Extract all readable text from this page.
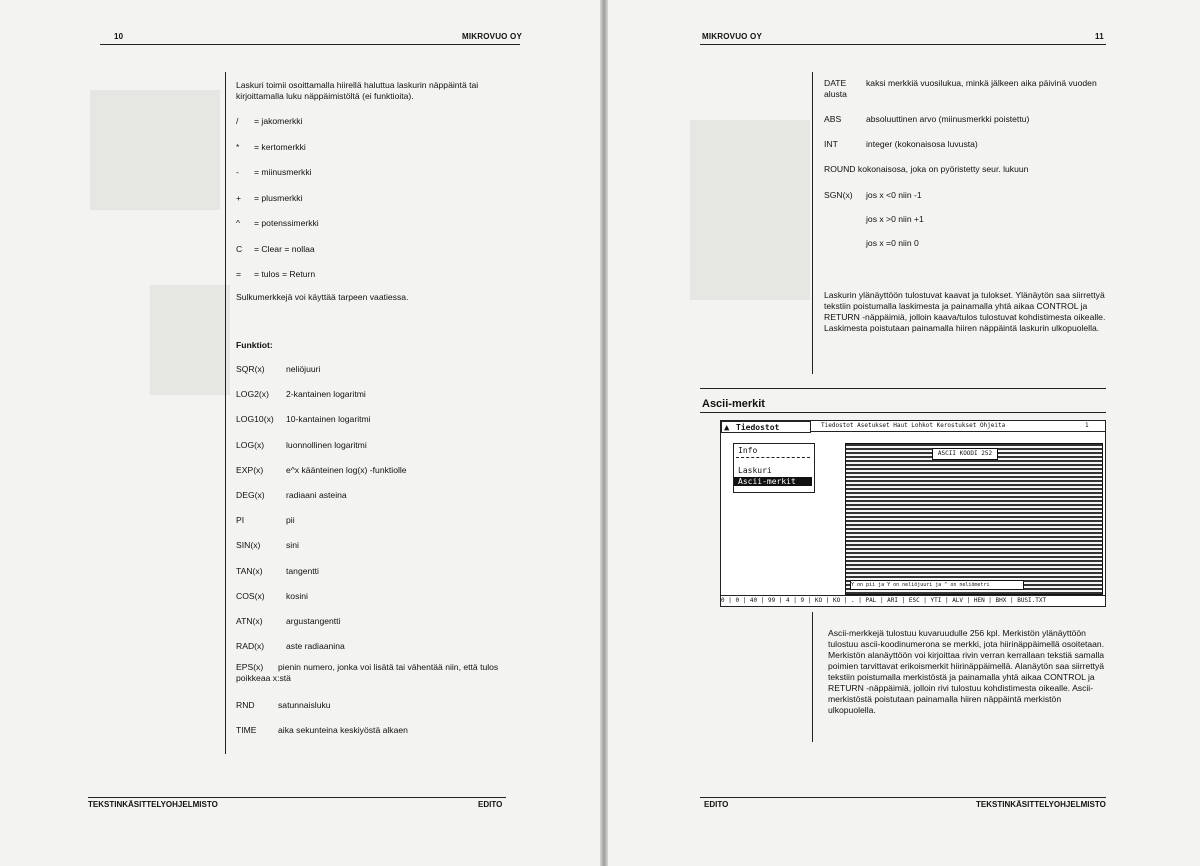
10	MIKROVUO OY
Laskuri toimii osoittamalla hiirellä haluttua laskurin näppäintä tai kirjoittamalla luku näppäimistöltä (ei funktioita).
/ = jakomerkki
* = kertomerkki
- = miinusmerkki
+ = plusmerkki
^ = potenssimerkki
C = Clear = nollaa
= = tulos = Return
Sulkumerkkejä voi käyttää tarpeen vaatiessa.
Funktiot:
SQR(x) neliöjuuri
LOG2(x) 2-kantainen logaritmi
LOG10(x) 10-kantainen logaritmi
LOG(x)	luonnollinen logaritmi
EXP(x)	e^x käänteinen log(x) -funktiolle
DEG(x) radiaani asteina
PI	pii
SIN(x)	sini
TAN(x)	tangentti
COS(x) kosini
ATN(x)	argustangentti
RAD(x)	aste radiaanina
EPS(x)	pienin numero, jonka voi lisätä tai vähentää niin, että tulos poikkeaa x:stä
RND	satunnaisluku
TIME aika sekunteina keskiyöstä alkaen
TEKSTINKÄSITTELYOHJELMISTO	EDITO
MIKROVUO OY	11
DATE	kaksi merkkiä vuosilukua, minkä jälkeen aika päivinä vuoden alusta
ABS	absoluuttinen arvo (miinusmerkki poistettu)
INT	integer (kokonaisosa luvusta)
ROUND kokonaisosa, joka on pyöristetty seur. lukuun
SGN(x)	jos x <0 niin -1
jos x >0 niin +1
jos x =0 niin 0
Laskurin ylänäyttöön tulostuvat kaavat ja tulokset. Ylänäytön saa siirrettyä tekstiin poistumalla laskimesta ja painamalla yhtä aikaa CONTROL ja RETURN -näppäimiä, jolloin kaava/tulos tulostuvat kohdistimesta oikealle. Laskimesta poistutaan painamalla hiiren näppäintä laskurin ulkopuolella.
Ascii-merkit
Tiedostot Asetukset Haut Lohkot Kerostukset Ohjeita	1
▲ Tiedostot
Info
Laskuri
Ascii-merkit
ASCII KOODI 252
Y on pii ja Y on neliöjuuri ja ^ on neliömetri
0 | 0 | 40 | 99 | 4 | 9 | KO | KO | . | PAL | ARI | ESC | YTI | ALV | HEN | BHX | BUSI.TXT
Ascii-merkkejä tulostuu kuvaruudulle 256 kpl. Merkistön ylänäyttöön tulostuu ascii-koodinumerona se merkki, jota hiirinäppäimellä osoitetaan. Merkistön alanäyttöön voi kirjoittaa rivin verran kerrallaan tekstiä samalla poimien tarvittavat erikoismerkit hiirinäppäimellä. Alanäytön saa siirrettyä tekstiin poistumalla merkistöstä ja painamalla yhtä aikaa CONTROL ja RETURN -näppäimiä, jolloin rivi tulostuu kohdistimesta oikealle. Ascii-merkistöstä poistutaan painamalla hiiren näppäintä merkistön ulkopuolella.
EDITO	TEKSTINKÄSITTELYOHJELMISTO
